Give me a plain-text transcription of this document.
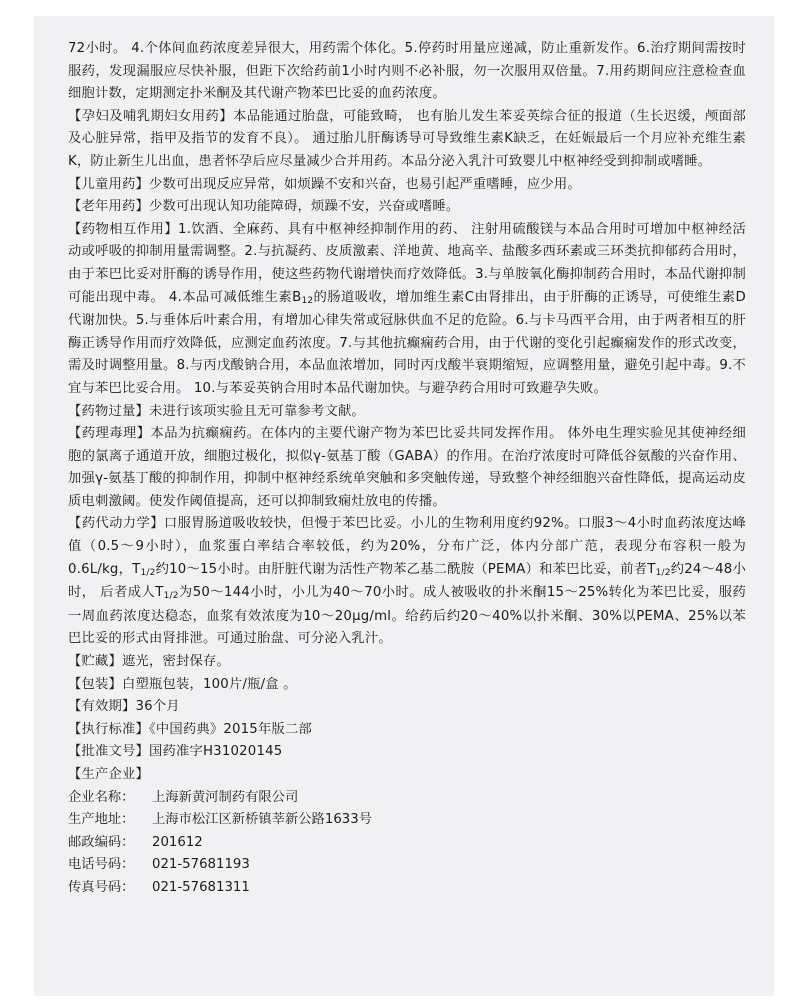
72小时。 4.个体间血药浓度差异很大，用药需个体化。5.停药时用量应递减，防止重新发作。6.治疗期间需按时服药，发现漏服应尽快补服，但距下次给药前1小时内则不必补服，勿一次服用双倍量。7.用药期间应注意检查血细胞计数，定期测定扑米酮及其代谢产物苯巴比妥的血药浓度。

【孕妇及哺乳期妇女用药】本品能通过胎盘，可能致畸， 也有胎儿发生苯妥英综合征的报道（生长迟缓，颅面部及心脏异常，指甲及指节的发育不良）。 通过胎儿肝酶诱导可导致维生素K缺乏，在妊娠最后一个月应补充维生素K，防止新生儿出血，患者怀孕后应尽量减少合并用药。本品分泌入乳汁可致婴儿中枢神经受到抑制或嗜睡。

【儿童用药】少数可出现反应异常，如烦躁不安和兴奋，也易引起严重嗜睡，应少用。

【老年用药】少数可出现认知功能障碍，烦躁不安，兴奋或嗜睡。

【药物相互作用】1.饮酒、全麻药、具有中枢神经抑制作用的药、 注射用硫酸镁与本品合用时可增加中枢神经活动或呼吸的抑制用量需调整。2.与抗凝药、皮质激素、洋地黄、地高辛、盐酸多西环素或三环类抗抑郁药合用时，由于苯巴比妥对肝酶的诱导作用，使这些药物代谢增快而疗效降低。3.与单胺氧化酶抑制药合用时，本品代谢抑制可能出现中毒。 4.本品可减低维生素B12的肠道吸收，增加维生素C由肾排出，由于肝酶的正诱导，可使维生素D代谢加快。5.与垂体后叶素合用，有增加心律失常或冠脉供血不足的危险。6.与卡马西平合用，由于两者相互的肝酶正诱导作用而疗效降低，应测定血药浓度。7.与其他抗癫痫药合用，由于代谢的变化引起癫痫发作的形式改变，需及时调整用量。8.与丙戊酸钠合用，本品血浓增加，同时丙戊酸半衰期缩短，应调整用量，避免引起中毒。9.不宜与苯巴比妥合用。 10.与苯妥英钠合用时本品代谢加快。与避孕药合用时可致避孕失败。

【药物过量】未进行该项实验且无可靠参考文献。

【药理毒理】本品为抗癫痫药。在体内的主要代谢产物为苯巴比妥共同发挥作用。 体外电生理实验见其使神经细胞的氯离子通道开放，细胞过极化，拟似γ-氨基丁酸（GABA）的作用。在治疗浓度时可降低谷氨酸的兴奋作用、加强γ-氨基丁酸的抑制作用，抑制中枢神经系统单突触和多突触传递，导致整个神经细胞兴奋性降低，提高运动皮质电刺激阈。使发作阈值提高，还可以抑制致痫灶放电的传播。

【药代动力学】口服胃肠道吸收较快，但慢于苯巴比妥。小儿的生物利用度约92%。口服3～4小时血药浓度达峰值（0.5～9小时），血浆蛋白率结合率较低，约为20%，分布广泛，体内分部广范，表现分布容积一般为 0.6L/kg，T1/2约10～15小时。由肝脏代谢为活性产物苯乙基二酰胺（PEMA）和苯巴比妥，前者T1/2约24～48小时， 后者成人T1/2为50～144小时，小儿为40～70小时。成人被吸收的扑米酮15～25%转化为苯巴比妥，服药一周血药浓度达稳态，血浆有效浓度为10～20μg/ml。给药后约20～40%以扑米酮、30%以PEMA、25%以苯巴比妥的形式由肾排泄。可通过胎盘、可分泌入乳汁。

【贮藏】遮光，密封保存。

【包装】白塑瓶包装，100片/瓶/盒 。

【有效期】36个月

【执行标准】《中国药典》2015年版二部

【批准文号】国药准字H31020145

【生产企业】

企业名称：	上海新黄河制药有限公司
生产地址：	上海市松江区新桥镇莘新公路1633号
邮政编码：	201612
电话号码：	021-57681193
传真号码：	021-57681311
